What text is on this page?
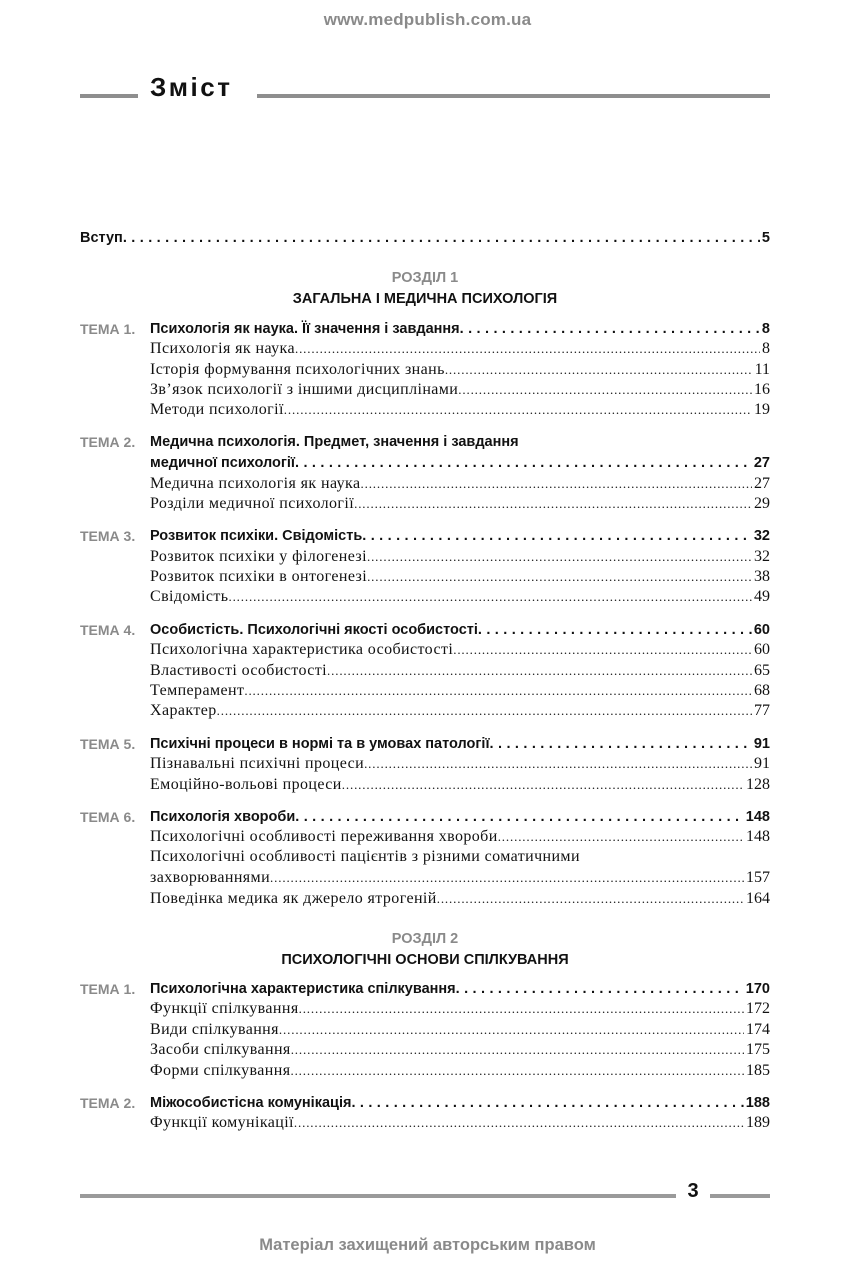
www.medpublish.com.ua
Зміст
Вступ . . .	5
РОЗДІЛ 1
ЗАГАЛЬНА І МЕДИЧНА ПСИХОЛОГІЯ
ТЕМА 1.	Психологія як наука. Її значення і завдання . . .	8
Психологія як наука . . .	8
Історія формування психологічних знань . . .	11
Зв’язок психології з іншими дисциплінами . . .	16
Методи психології . . .	19
ТЕМА 2.	Медична психологія. Предмет, значення і завдання
медичної психології . . .	27
Медична психологія як наука . . .	27
Розділи медичної психології . . .	29
ТЕМА 3.	Розвиток психіки. Свідомість . . .	32
Розвиток психіки у філогенезі . . .	32
Розвиток психіки в онтогенезі . . .	38
Свідомість . . .	49
ТЕМА 4.	Особистість. Психологічні якості особистості . . .	60
Психологічна характеристика особистості . . .	60
Властивості особистості . . .	65
Темперамент . . .	68
Характер . . .	77
ТЕМА 5.	Психічні процеси в нормі та в умовах патології . . .	91
Пізнавальні психічні процеси . . .	91
Емоційно-вольові процеси . . .	128
ТЕМА 6.	Психологія хвороби . . .	148
Психологічні особливості переживання хвороби . . .	148
Психологічні особливості пацієнтів з різними соматичними
захворюваннями . . .	157
Поведінка медика як джерело ятрогеній . . .	164
РОЗДІЛ 2
ПСИХОЛОГІЧНІ ОСНОВИ СПІЛКУВАННЯ
ТЕМА 1.	Психологічна характеристика спілкування . . .	170
Функції спілкування . . .	172
Види спілкування . . .	174
Засоби спілкування . . .	175
Форми спілкування . . .	185
ТЕМА 2.	Міжособистісна комунікація . . .	188
Функції комунікації . . .	189
3
Матеріал захищений авторським правом
